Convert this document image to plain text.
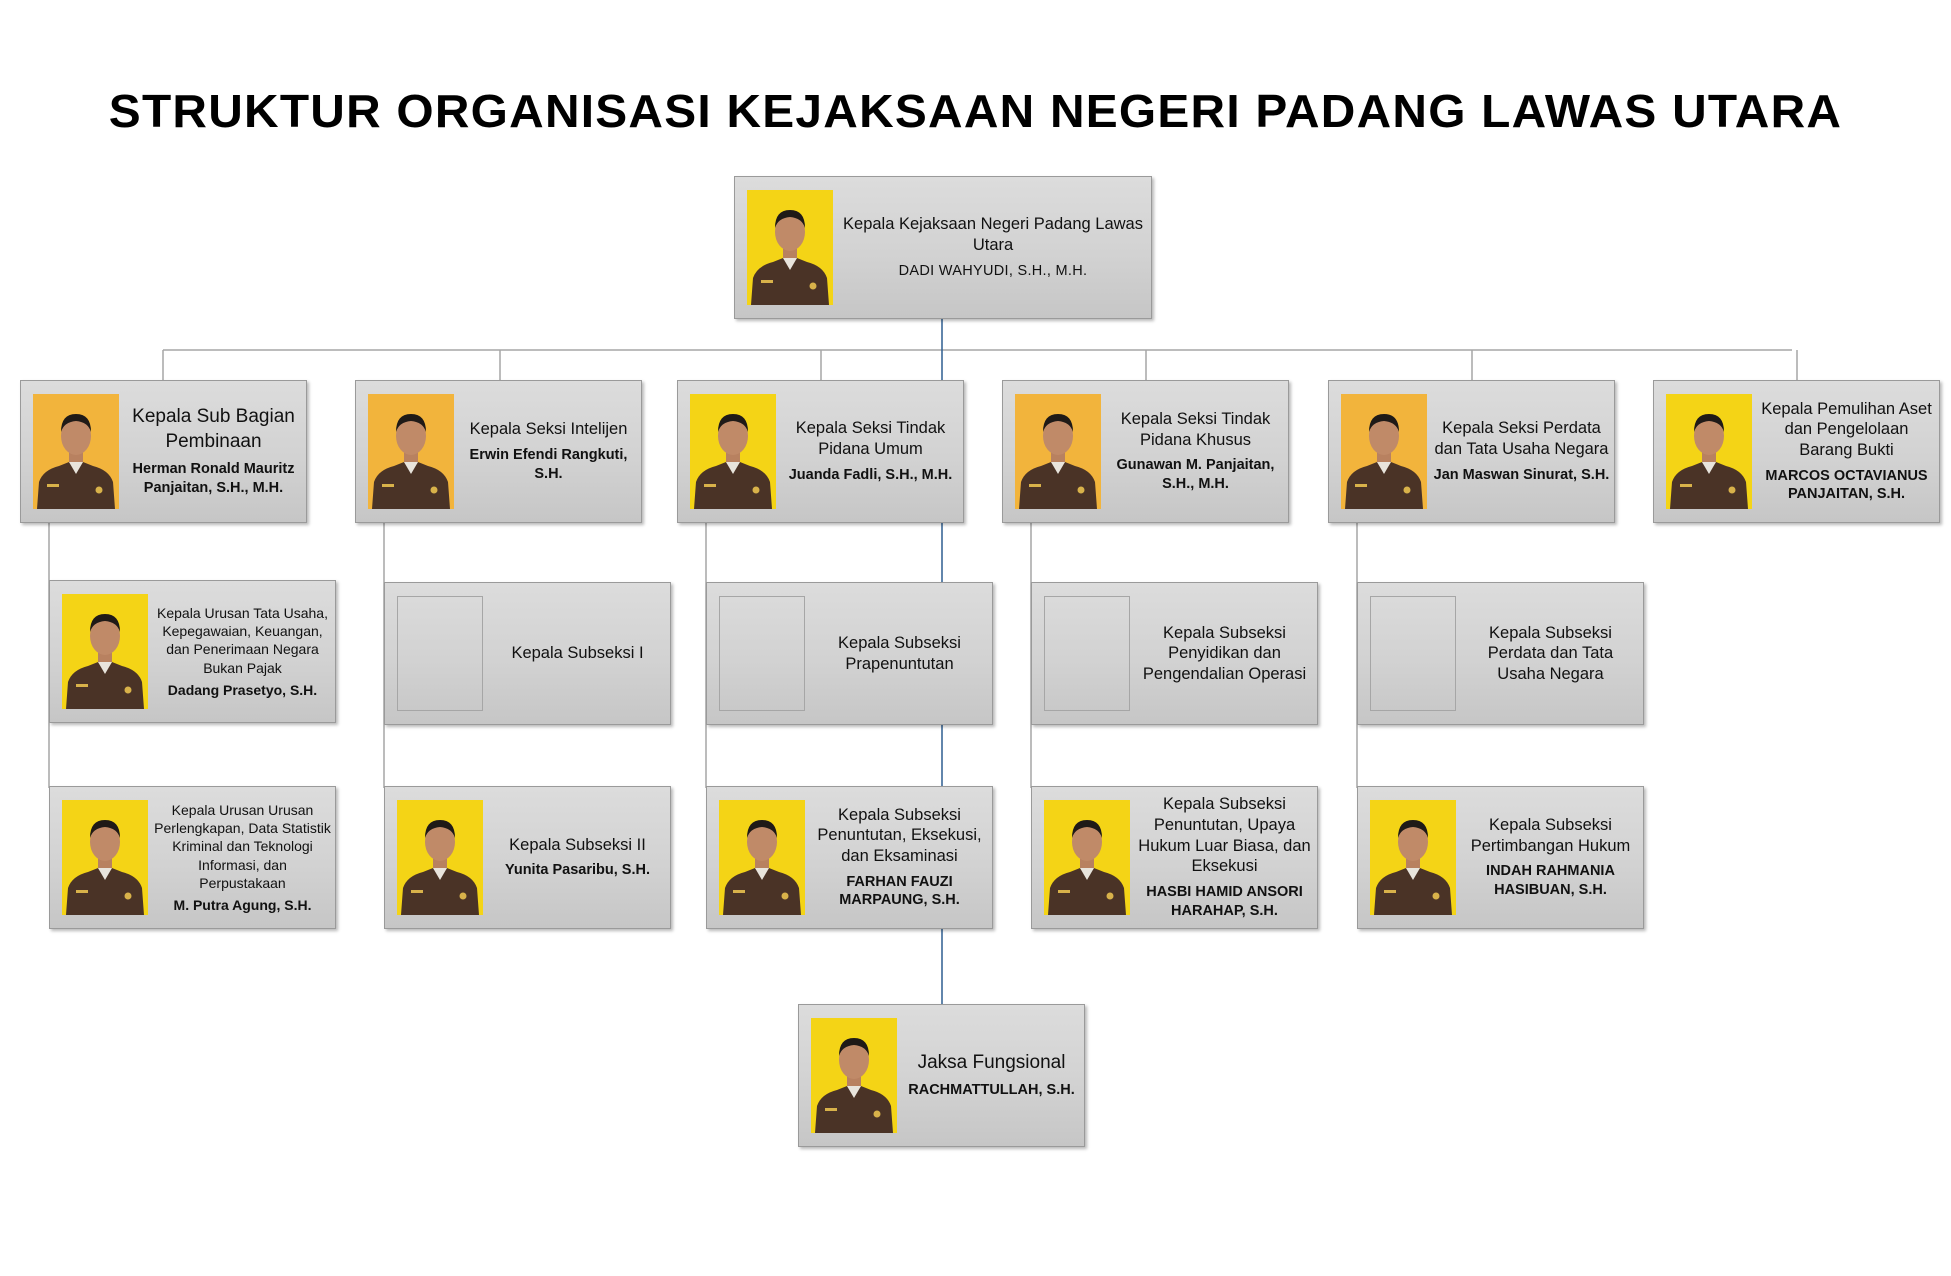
STRUKTUR ORGANISASI KEJAKSAAN NEGERI PADANG LAWAS UTARA
Kepala Kejaksaan Negeri Padang Lawas Utara
DADI WAHYUDI, S.H., M.H.
Kepala Sub Bagian Pembinaan
Herman Ronald Mauritz Panjaitan, S.H., M.H.
Kepala Seksi Intelijen
Erwin Efendi Rangkuti, S.H.
Kepala Seksi Tindak Pidana Umum
Juanda Fadli, S.H., M.H.
Kepala Seksi Tindak Pidana Khusus
Gunawan M. Panjaitan, S.H., M.H.
Kepala Seksi Perdata dan Tata Usaha Negara
Jan Maswan Sinurat, S.H.
Kepala Pemulihan Aset dan Pengelolaan Barang Bukti
MARCOS OCTAVIANUS PANJAITAN, S.H.
Kepala Urusan Tata Usaha, Kepegawaian, Keuangan, dan Penerimaan Negara Bukan Pajak
Dadang Prasetyo, S.H.
Kepala Subseksi I
Kepala Subseksi Prapenuntutan
Kepala Subseksi Penyidikan dan Pengendalian Operasi
Kepala Subseksi Perdata dan Tata Usaha Negara
Kepala Urusan Urusan Perlengkapan, Data Statistik Kriminal dan Teknologi Informasi, dan Perpustakaan
M. Putra Agung, S.H.
Kepala Subseksi II
Yunita Pasaribu, S.H.
Kepala Subseksi Penuntutan, Eksekusi, dan Eksaminasi
FARHAN FAUZI MARPAUNG, S.H.
Kepala Subseksi Penuntutan, Upaya Hukum Luar Biasa, dan Eksekusi
HASBI HAMID ANSORI HARAHAP, S.H.
Kepala Subseksi Pertimbangan Hukum
INDAH RAHMANIA HASIBUAN, S.H.
Jaksa Fungsional
RACHMATTULLAH, S.H.
